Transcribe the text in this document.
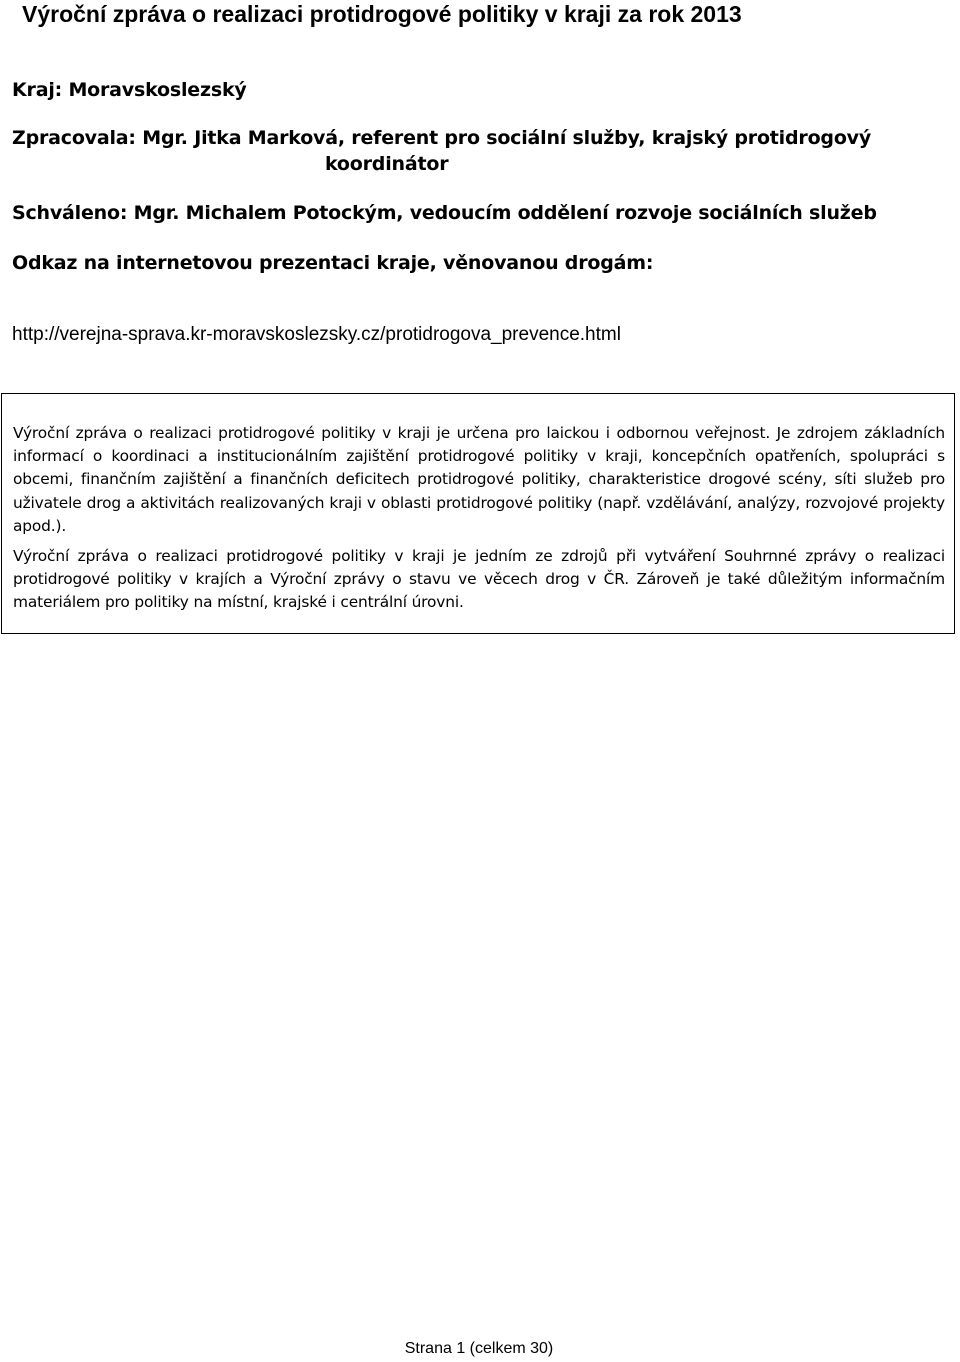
Výroční zpráva o realizaci protidrogové politiky v kraji za rok 2013
Kraj: Moravskoslezský
Zpracovala: Mgr. Jitka Marková, referent pro sociální služby, krajský protidrogový
koordinátor
Schváleno: Mgr. Michalem Potockým, vedoucím oddělení rozvoje sociálních služeb
Odkaz na internetovou prezentaci kraje, věnovanou drogám:
http://verejna-sprava.kr-moravskoslezsky.cz/protidrogova_prevence.html

Výroční zpráva o realizaci protidrogové politiky v kraji je určena pro laickou i odbornou veřejnost. Je zdrojem základních informací o koordinaci a institucionálním zajištění protidrogové politiky v kraji, koncepčních opatřeních, spolupráci s obcemi, finančním zajištění a finančních deficitech protidrogové politiky, charakteristice drogové scény, síti služeb pro uživatele drog a aktivitách realizovaných kraji v oblasti protidrogové politiky (např. vzdělávání, analýzy, rozvojové projekty apod.).

Výroční zpráva o realizaci protidrogové politiky v kraji je jedním ze zdrojů při vytváření Souhrnné zprávy o realizaci protidrogové politiky v krajích a Výroční zprávy o stavu ve věcech drog v ČR. Zároveň je také důležitým informačním materiálem pro politiky na místní, krajské i centrální úrovni.

Strana 1 (celkem 30)
